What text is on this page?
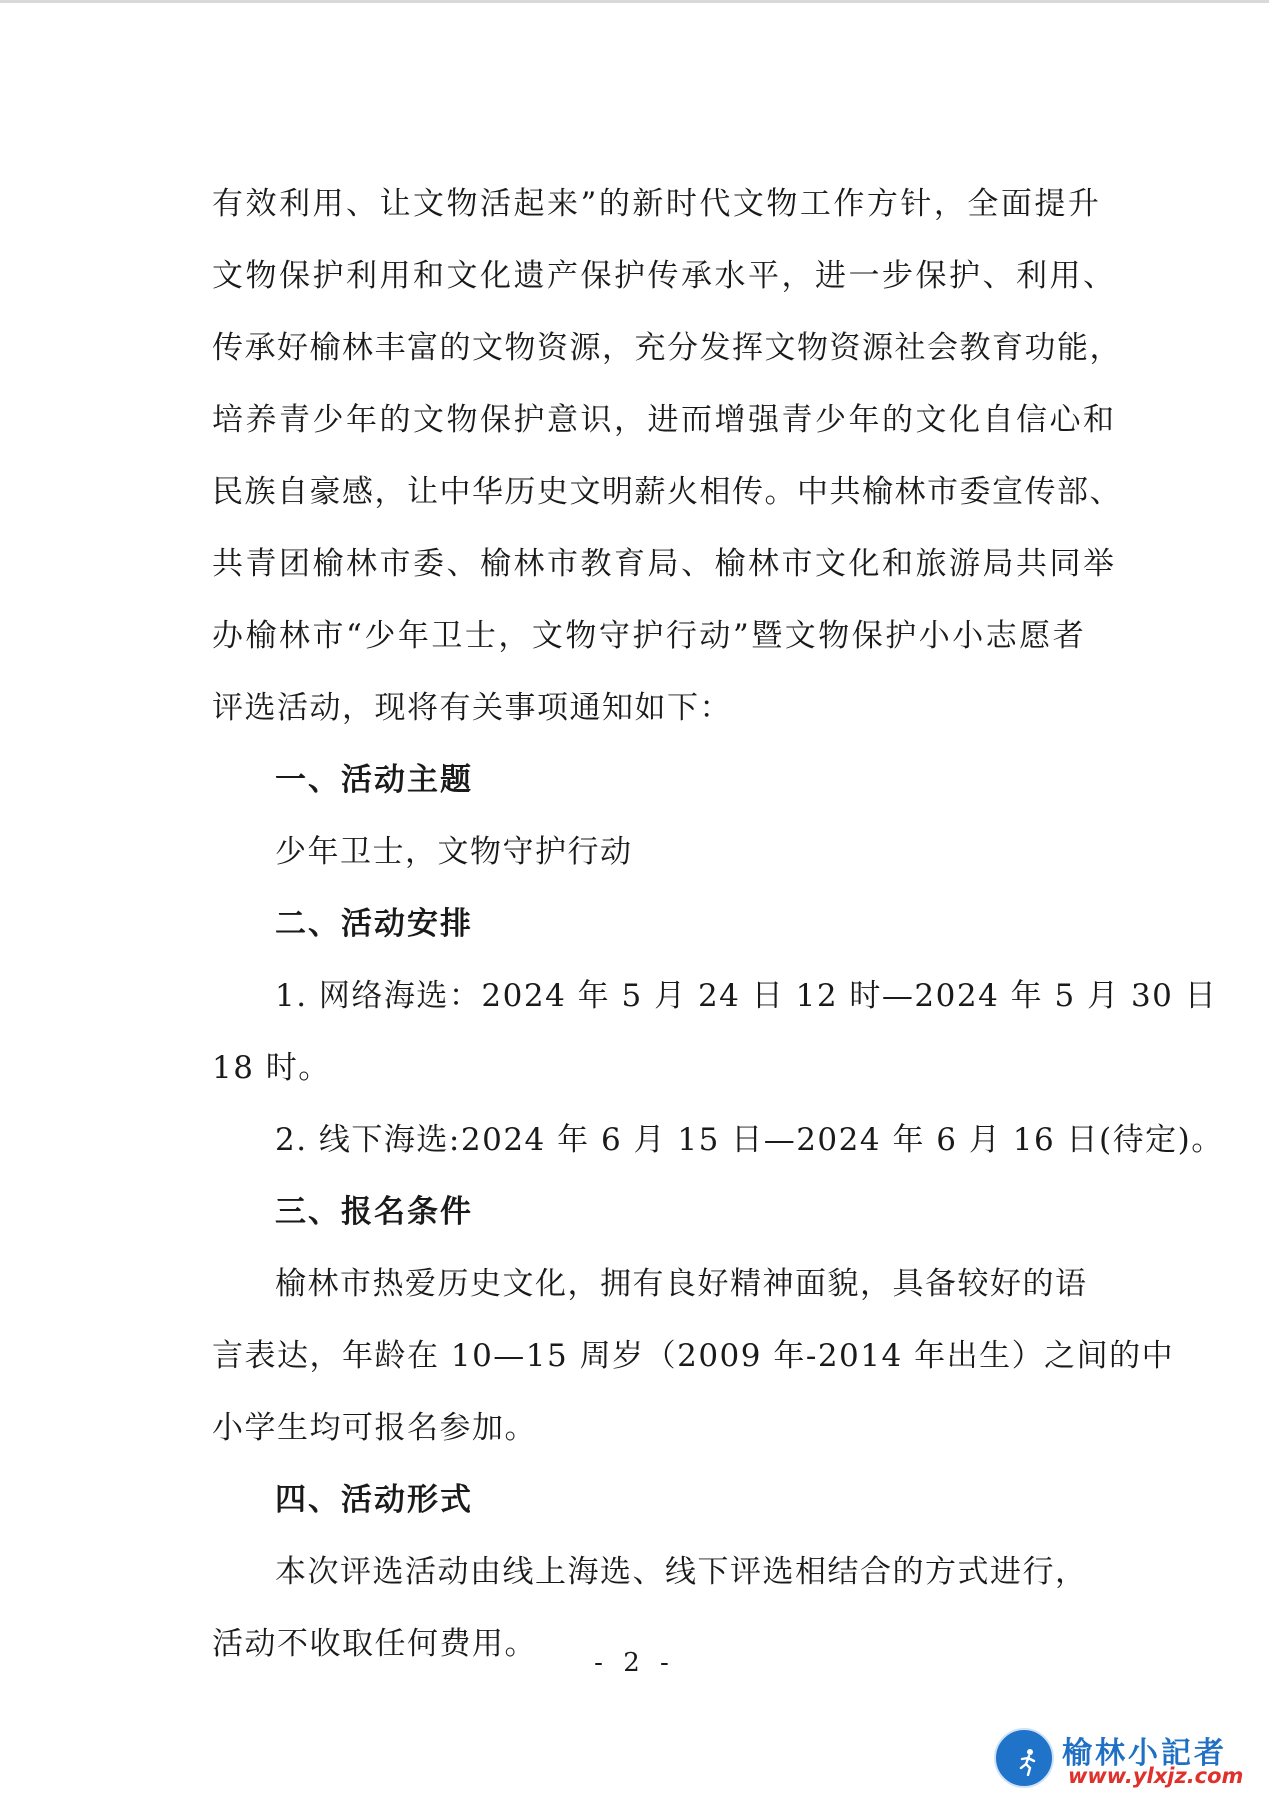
有效利用、让文物活起来”的新时代文物工作方针，全面提升

文物保护利用和文化遗产保护传承水平，进一步保护、利用、

传承好榆林丰富的文物资源，充分发挥文物资源社会教育功能，

培养青少年的文物保护意识，进而增强青少年的文化自信心和

民族自豪感，让中华历史文明薪火相传。中共榆林市委宣传部、

共青团榆林市委、榆林市教育局、榆林市文化和旅游局共同举

办榆林市“少年卫士，文物守护行动”暨文物保护小小志愿者

评选活动，现将有关事项通知如下：

一、活动主题

少年卫士，文物守护行动

二、活动安排

1. 网络海选：2024 年 5 月 24 日 12 时—2024 年 5 月 30 日

18 时。

2. 线下海选:2024 年 6 月 15 日—2024 年 6 月 16 日(待定)。

三、报名条件

榆林市热爱历史文化，拥有良好精神面貌，具备较好的语

言表达，年龄在 10—15 周岁（2009 年-2014 年出生）之间的中

小学生均可报名参加。

四、活动形式

本次评选活动由线上海选、线下评选相结合的方式进行，

活动不收取任何费用。

- 2 -
榆林小記者
www.ylxjz.com
